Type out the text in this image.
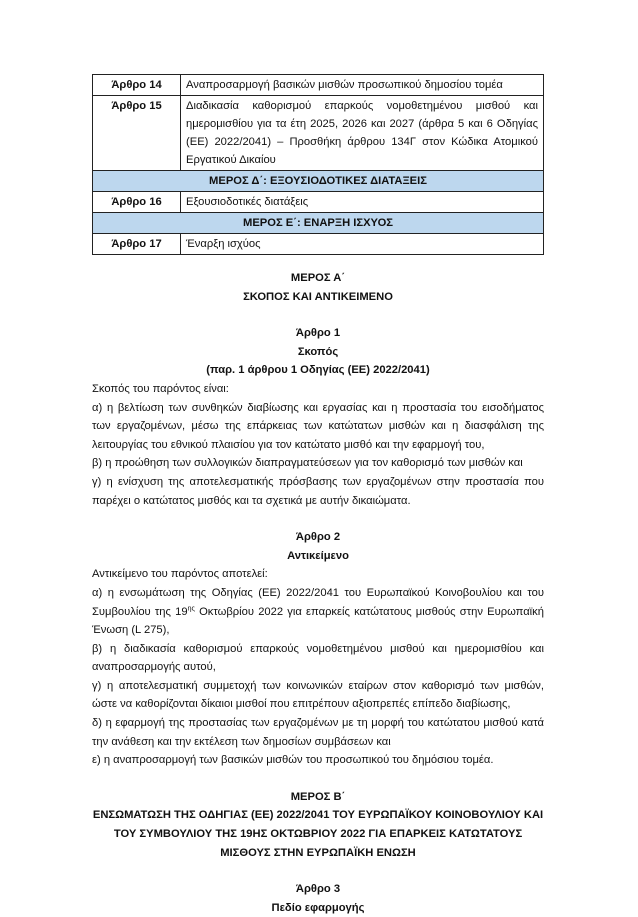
Άρθρο 14	Αναπροσαρμογή βασικών μισθών προσωπικού δημοσίου τομέα
Άρθρο 15	Διαδικασία καθορισμού επαρκούς νομοθετημένου μισθού και ημερομισθίου για τα έτη 2025, 2026 και 2027 (άρθρα 5 και 6 Οδηγίας (ΕΕ) 2022/2041) – Προσθήκη άρθρου 134Γ στον Κώδικα Ατομικού Εργατικού Δικαίου
ΜΕΡΟΣ Δ΄: ΕΞΟΥΣΙΟΔΟΤΙΚΕΣ ΔΙΑΤΑΞΕΙΣ	
Άρθρο 16	Εξουσιοδοτικές διατάξεις
ΜΕΡΟΣ Ε΄: ΕΝΑΡΞΗ ΙΣΧΥΟΣ	
Άρθρο 17	Έναρξη ισχύος
ΜΕΡΟΣ Α΄
ΣΚΟΠΟΣ ΚΑΙ ΑΝΤΙΚΕΙΜΕΝΟ
Άρθρο 1
Σκοπός
(παρ. 1 άρθρου 1 Οδηγίας (ΕΕ) 2022/2041)

Σκοπός του παρόντος είναι:

α) η βελτίωση των συνθηκών διαβίωσης και εργασίας και η προστασία του εισοδήματος των εργαζομένων, μέσω της επάρκειας των κατώτατων μισθών και η διασφάλιση της λειτουργίας του εθνικού πλαισίου για τον κατώτατο μισθό και την εφαρμογή του,

β) η προώθηση των συλλογικών διαπραγματεύσεων για τον καθορισμό των μισθών και

γ) η ενίσχυση της αποτελεσματικής πρόσβασης των εργαζομένων στην προστασία που παρέχει ο κατώτατος μισθός και τα σχετικά με αυτήν δικαιώματα.

Άρθρο 2
Αντικείμενο

Αντικείμενο του παρόντος αποτελεί:

α) η ενσωμάτωση της Οδηγίας (ΕΕ) 2022/2041 του Ευρωπαϊκού Κοινοβουλίου και του Συμβουλίου της $19^{\eta\varsigma}$ Οκτωβρίου 2022 για επαρκείς κατώτατους μισθούς στην Ευρωπαϊκή Ένωση (L 275),

β) η διαδικασία καθορισμού επαρκούς νομοθετημένου μισθού και ημερομισθίου και αναπροσαρμογής αυτού,

γ) η αποτελεσματική συμμετοχή των κοινωνικών εταίρων στον καθορισμό των μισθών, ώστε να καθορίζονται δίκαιοι μισθοί που επιτρέπουν αξιοπρεπές επίπεδο διαβίωσης,

δ) η εφαρμογή της προστασίας των εργαζομένων με τη μορφή του κατώτατου μισθού κατά την ανάθεση και την εκτέλεση των δημοσίων συμβάσεων και

ε) η αναπροσαρμογή των βασικών μισθών του προσωπικού του δημόσιου τομέα.

ΜΕΡΟΣ Β΄
ΕΝΣΩΜΑΤΩΣΗ ΤΗΣ ΟΔΗΓΙΑΣ (ΕΕ) 2022/2041 ΤΟΥ ΕΥΡΩΠΑΪΚΟΥ ΚΟΙΝΟΒΟΥΛΙΟΥ ΚΑΙ ΤΟΥ ΣΥΜΒΟΥΛΙΟΥ ΤΗΣ 19ΗΣ ΟΚΤΩΒΡΙΟΥ 2022 ΓΙΑ ΕΠΑΡΚΕΙΣ ΚΑΤΩΤΑΤΟΥΣ ΜΙΣΘΟΥΣ ΣΤΗΝ ΕΥΡΩΠΑΪΚΗ ΕΝΩΣΗ
Άρθρο 3
Πεδίο εφαρμογής
